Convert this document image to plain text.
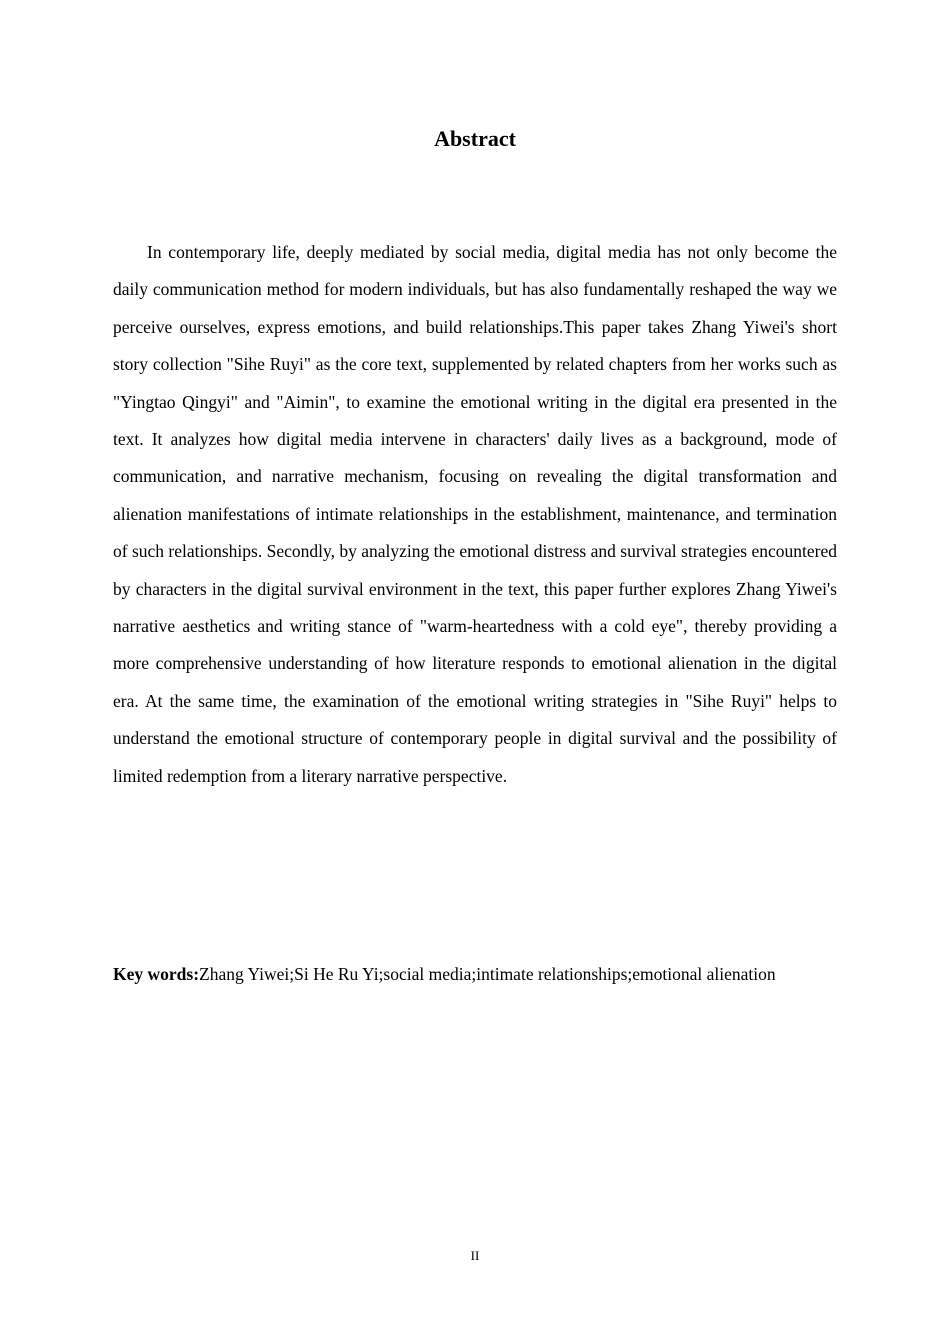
Abstract

In contemporary life, deeply mediated by social media, digital media has not only become the daily communication method for modern individuals, but has also fundamentally reshaped the way we perceive ourselves, express emotions, and build relationships.This paper takes Zhang Yiwei's short story collection "Sihe Ruyi" as the core text, supplemented by related chapters from her works such as "Yingtao Qingyi" and "Aimin", to examine the emotional writing in the digital era presented in the text. It analyzes how digital media intervene in characters' daily lives as a background, mode of communication, and narrative mechanism, focusing on revealing the digital transformation and alienation manifestations of intimate relationships in the establishment, maintenance, and termination of such relationships. Secondly, by analyzing the emotional distress and survival strategies encountered by characters in the digital survival environment in the text, this paper further explores Zhang Yiwei's narrative aesthetics and writing stance of "warm-heartedness with a cold eye", thereby providing a more comprehensive understanding of how literature responds to emotional alienation in the digital era. At the same time, the examination of the emotional writing strategies in "Sihe Ruyi" helps to understand the emotional structure of contemporary people in digital survival and the possibility of limited redemption from a literary narrative perspective.

Key words:Zhang Yiwei;Si He Ru Yi;social media;intimate relationships;emotional alienation

II
